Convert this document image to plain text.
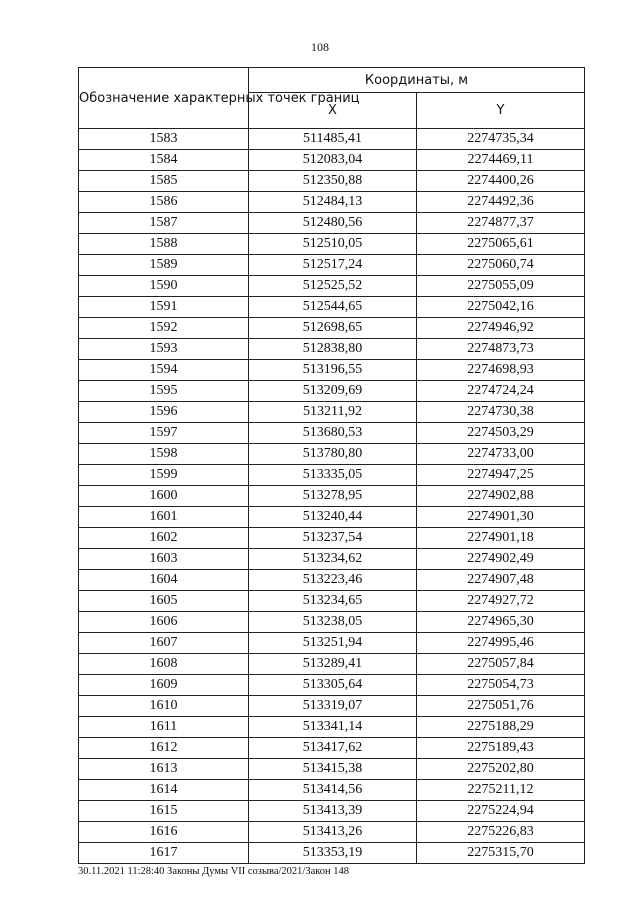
108
Обозначение характерных точек границ	Координаты, м	
	X	Y
1583	511485,41	2274735,34
1584	512083,04	2274469,11
1585	512350,88	2274400,26
1586	512484,13	2274492,36
1587	512480,56	2274877,37
1588	512510,05	2275065,61
1589	512517,24	2275060,74
1590	512525,52	2275055,09
1591	512544,65	2275042,16
1592	512698,65	2274946,92
1593	512838,80	2274873,73
1594	513196,55	2274698,93
1595	513209,69	2274724,24
1596	513211,92	2274730,38
1597	513680,53	2274503,29
1598	513780,80	2274733,00
1599	513335,05	2274947,25
1600	513278,95	2274902,88
1601	513240,44	2274901,30
1602	513237,54	2274901,18
1603	513234,62	2274902,49
1604	513223,46	2274907,48
1605	513234,65	2274927,72
1606	513238,05	2274965,30
1607	513251,94	2274995,46
1608	513289,41	2275057,84
1609	513305,64	2275054,73
1610	513319,07	2275051,76
1611	513341,14	2275188,29
1612	513417,62	2275189,43
1613	513415,38	2275202,80
1614	513414,56	2275211,12
1615	513413,39	2275224,94
1616	513413,26	2275226,83
1617	513353,19	2275315,70
30.11.2021 11:28:40 Законы Думы VII созыва/2021/Закон 148
